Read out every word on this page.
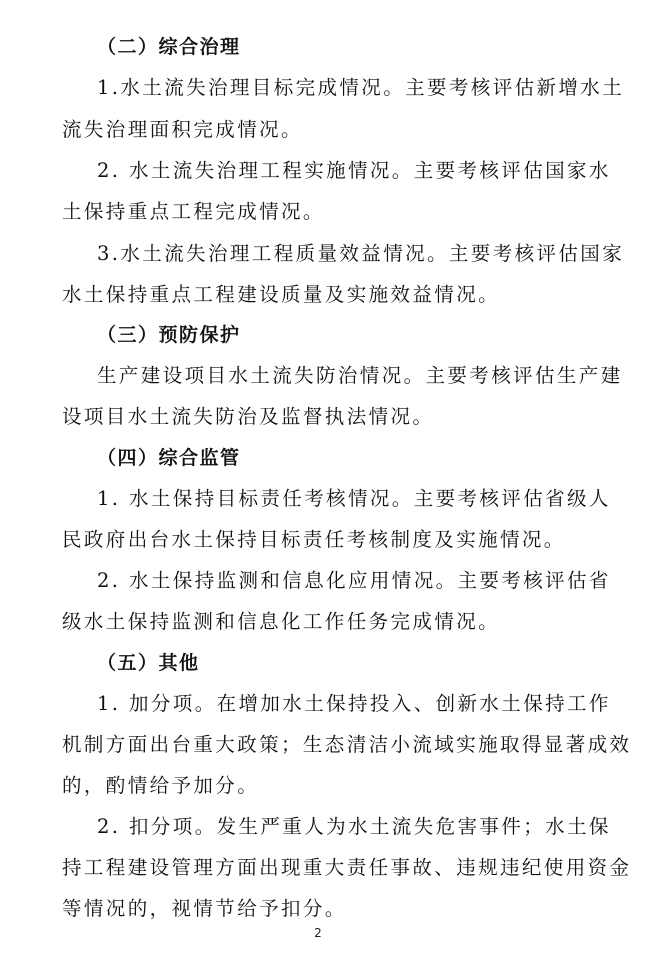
（二）综合治理
1.水土流失治理目标完成情况。主要考核评估新增水土
流失治理面积完成情况。
2. 水土流失治理工程实施情况。主要考核评估国家水
土保持重点工程完成情况。
3.水土流失治理工程质量效益情况。主要考核评估国家
水土保持重点工程建设质量及实施效益情况。
（三）预防保护
生产建设项目水土流失防治情况。主要考核评估生产建
设项目水土流失防治及监督执法情况。
（四）综合监管
1. 水土保持目标责任考核情况。主要考核评估省级人
民政府出台水土保持目标责任考核制度及实施情况。
2. 水土保持监测和信息化应用情况。主要考核评估省
级水土保持监测和信息化工作任务完成情况。
（五）其他
1. 加分项。在增加水土保持投入、创新水土保持工作
机制方面出台重大政策；生态清洁小流域实施取得显著成效
的，酌情给予加分。
2. 扣分项。发生严重人为水土流失危害事件；水土保
持工程建设管理方面出现重大责任事故、违规违纪使用资金
等情况的，视情节给予扣分。
2
